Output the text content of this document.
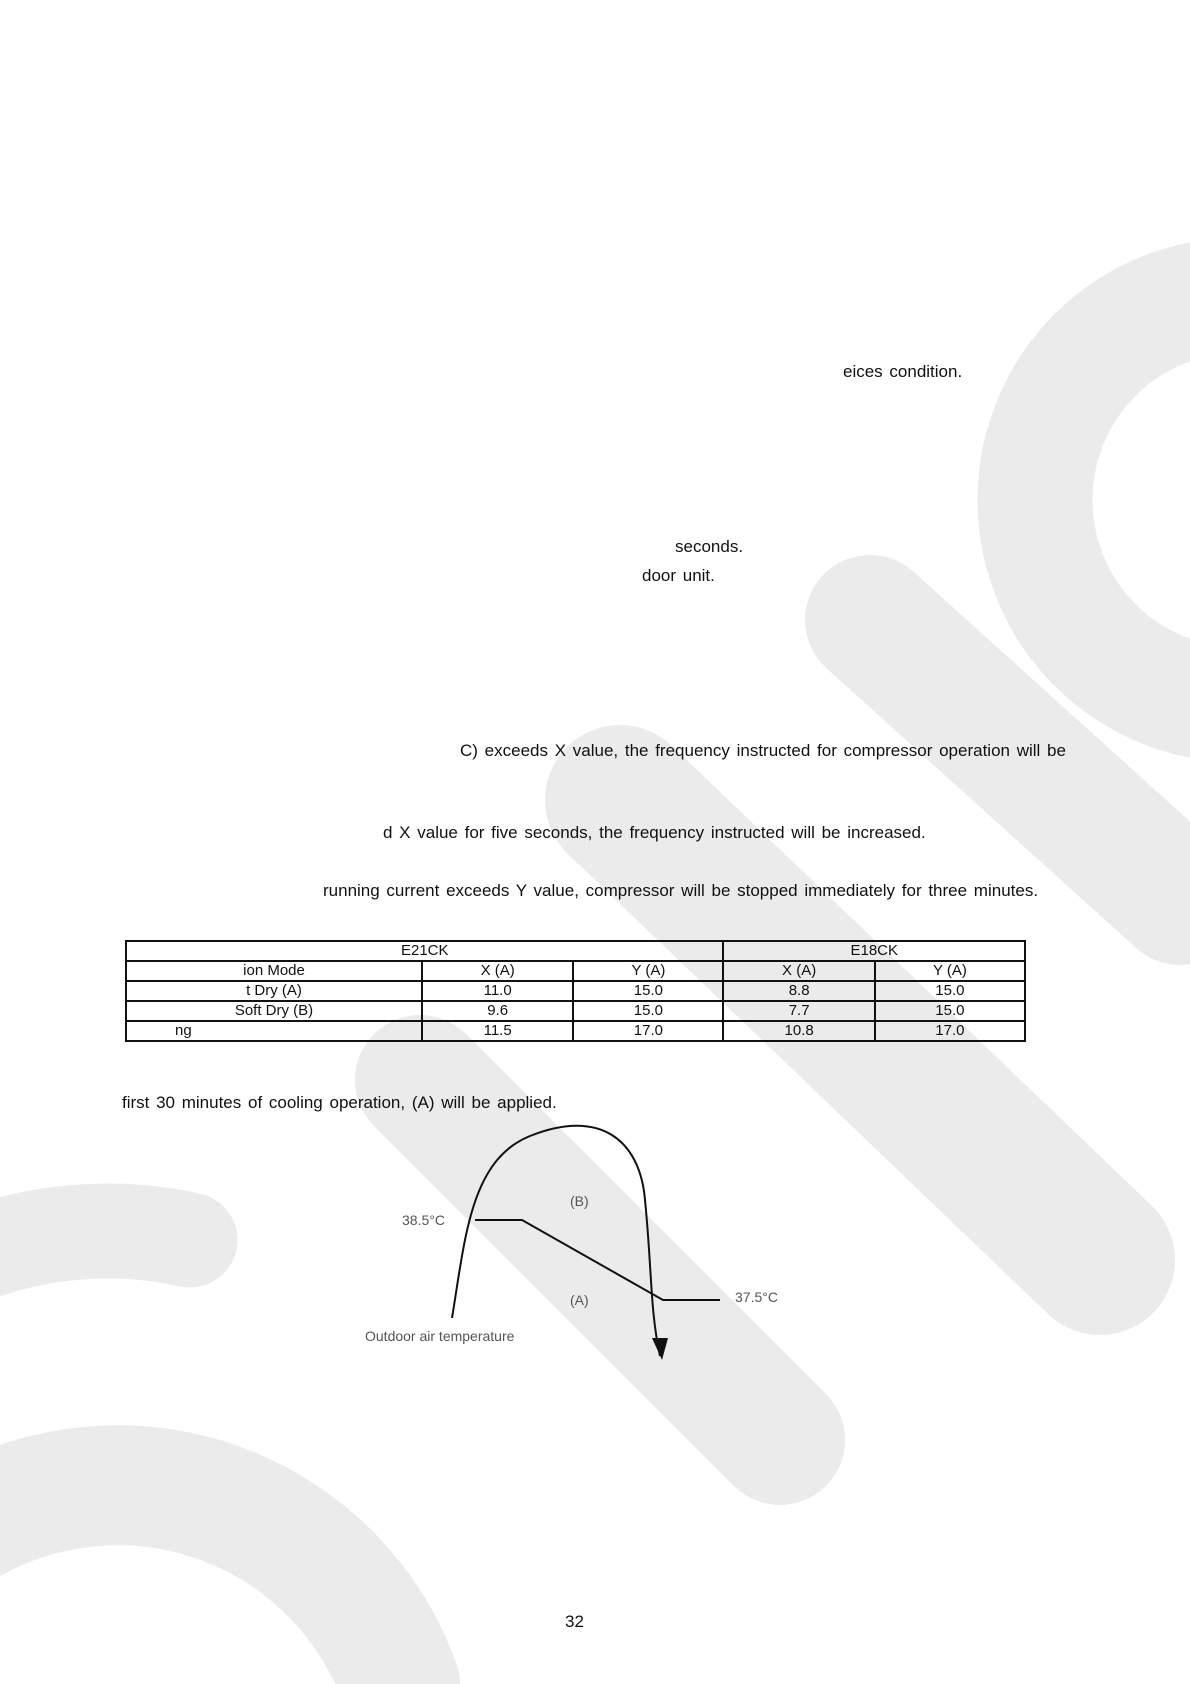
eices condition.
seconds.
door unit.
C) exceeds X value, the frequency instructed for compressor operation will be
d X value for five seconds, the frequency instructed will be increased.
running current exceeds Y value, compressor will be stopped immediately for three minutes.
E21CK			E18CK	
ion Mode	X (A)	Y (A)	X (A)	Y (A)
t Dry (A)	11.0	15.0	8.8	15.0
Soft Dry (B)	9.6	15.0	7.7	15.0
ng	11.5	17.0	10.8	17.0
first 30 minutes of cooling operation, (A) will be applied.
38.5°C
37.5°C
(B)
(A)
Outdoor air temperature
32
